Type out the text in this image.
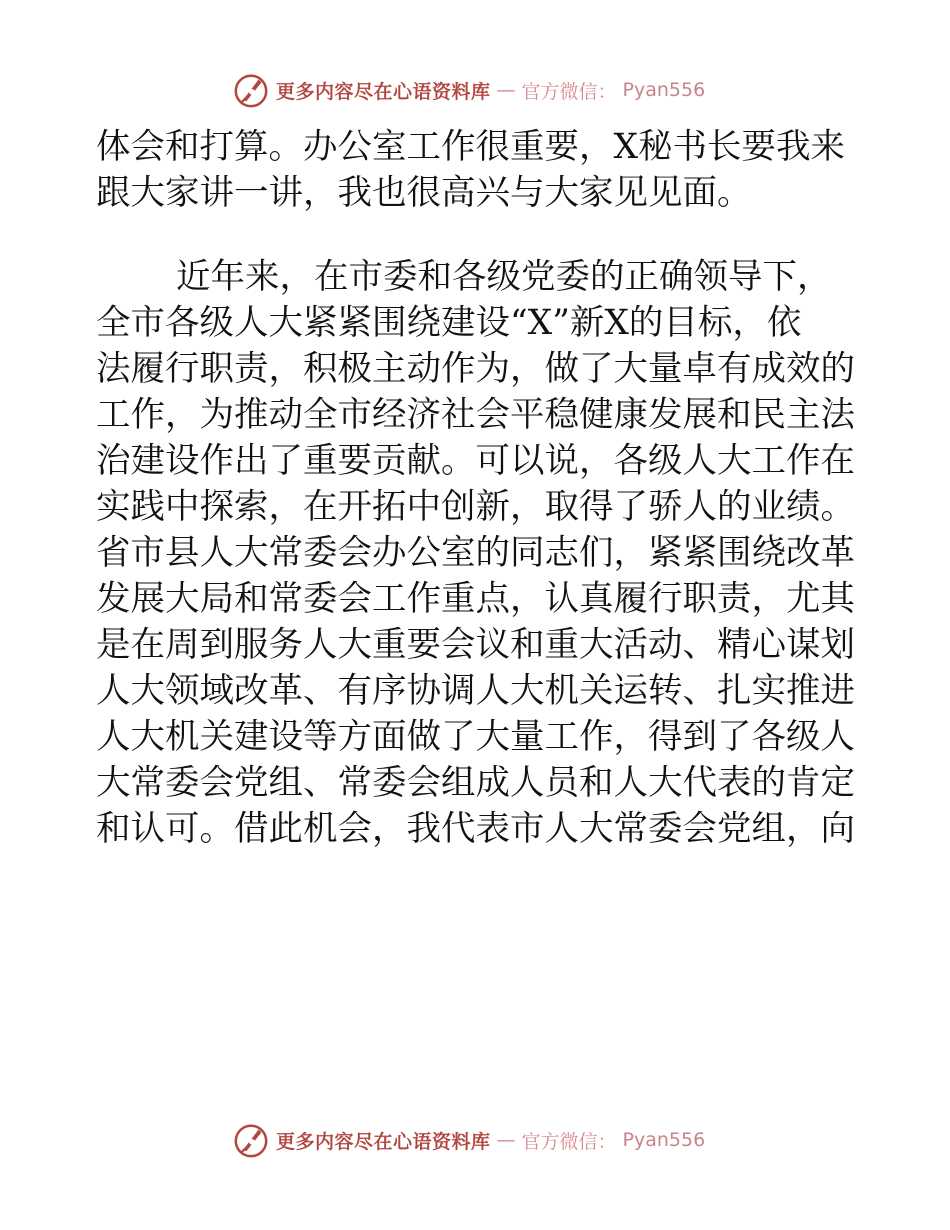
更多内容尽在心语资料库 — 官方微信： Pyan556

体会和打算。办公室工作很重要，X秘书长要我来

跟大家讲一讲，我也很高兴与大家见见面。

近年来，在市委和各级党委的正确领导下，

全市各级人大紧紧围绕建设“X”新X的目标，依

法履行职责，积极主动作为，做了大量卓有成效的

工作，为推动全市经济社会平稳健康发展和民主法

治建设作出了重要贡献。可以说，各级人大工作在

实践中探索，在开拓中创新，取得了骄人的业绩。

省市县人大常委会办公室的同志们，紧紧围绕改革

发展大局和常委会工作重点，认真履行职责，尤其

是在周到服务人大重要会议和重大活动、精心谋划

人大领域改革、有序协调人大机关运转、扎实推进

人大机关建设等方面做了大量工作，得到了各级人

大常委会党组、常委会组成人员和人大代表的肯定

和认可。借此机会，我代表市人大常委会党组，向

更多内容尽在心语资料库 — 官方微信： Pyan556
